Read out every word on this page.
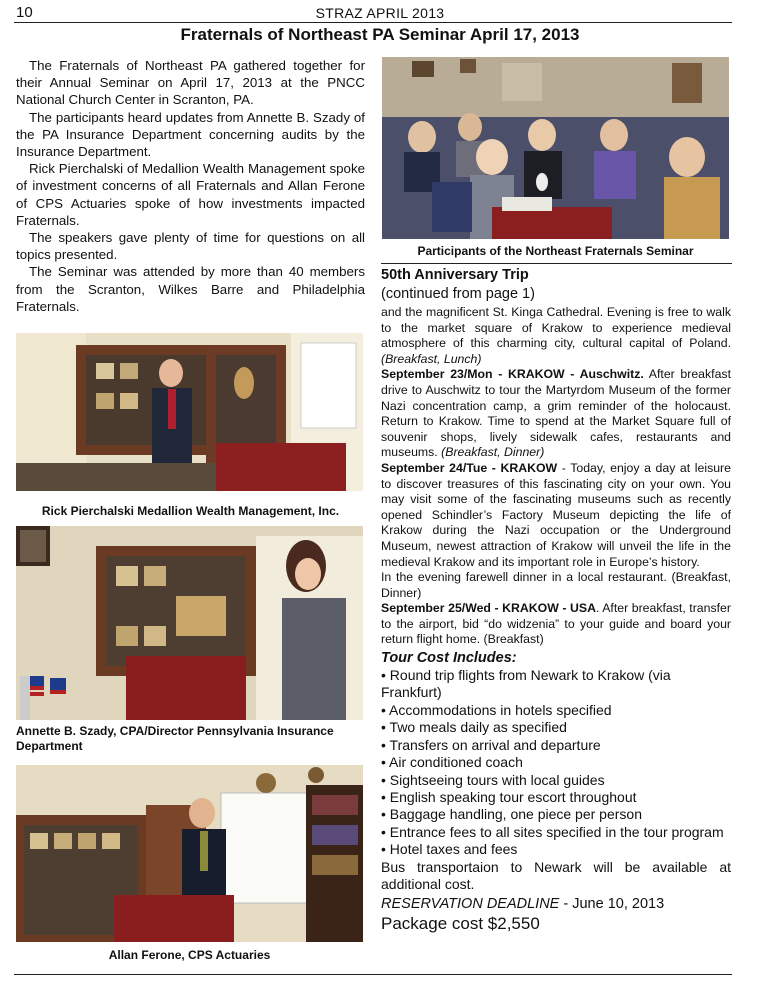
10	STRAZ APRIL 2013
Fraternals of Northeast PA Seminar April 17, 2013

The Fraternals of Northeast PA gathered together for their Annual Seminar on April 17, 2013 at the PNCC National Church Center in Scranton, PA.

The participants heard updates from Annette B. Szady of the PA Insurance Department concerning audits by the Insurance Department.

Rick Pierchalski of Medallion Wealth Management spoke of investment concerns of all Fraternals and Allan Ferone of CPS Actuaries spoke of how investments impacted Fraternals.

The speakers gave plenty of time for questions on all topics presented.

The Seminar was attended by more than 40 members from the Scranton, Wilkes Barre and Philadelphia Fraternals.

Participants of the Northeast Fraternals Seminar
Rick Pierchalski Medallion Wealth Management, Inc.
Annette B. Szady, CPA/Director Pennsylvania Insurance Department
Allan Ferone, CPS Actuaries
50th Anniversary Trip
(continued from page 1)

and the magnificent St. Kinga Cathedral. Evening is free to walk to the market square of Krakow to experience medieval atmosphere of this charming city, cultural capital of Poland. (Breakfast, Lunch)

September 23/Mon - KRAKOW - Auschwitz. After breakfast drive to Auschwitz to tour the Martyrdom Museum of the former Nazi concentration camp, a grim reminder of the holocaust. Return to Krakow. Time to spend at the Market Square full of souvenir shops, lively sidewalk cafes, restaurants and museums. (Breakfast, Dinner)

September 24/Tue - KRAKOW - Today, enjoy a day at leisure to discover treasures of this fascinating city on your own. You may visit some of the fascinating museums such as recently opened Schindler’s Factory Museum depicting the life of Krakow during the Nazi occupation or the Underground Museum, newest attraction of Krakow will unveil the life in the medieval Krakow and its important role in Europe’s history.

In the evening farewell dinner in a local restaurant. (Breakfast, Dinner)

September 25/Wed - KRAKOW - USA. After breakfast, transfer to the airport, bid “do widzenia” to your guide and board your return flight home. (Breakfast)

Tour Cost Includes:
• Round trip flights from Newark to Krakow (via Frankfurt)
• Accommodations in hotels specified
• Two meals daily as specified
• Transfers on arrival and departure
• Air conditioned coach
• Sightseeing tours with local guides
• English speaking tour escort throughout
• Baggage handling, one piece per person
• Entrance fees to all sites specified in the tour program
• Hotel taxes and fees
Bus transportaion to Newark will be available at additional cost.
RESERVATION DEADLINE - June 10, 2013
Package cost $2,550
